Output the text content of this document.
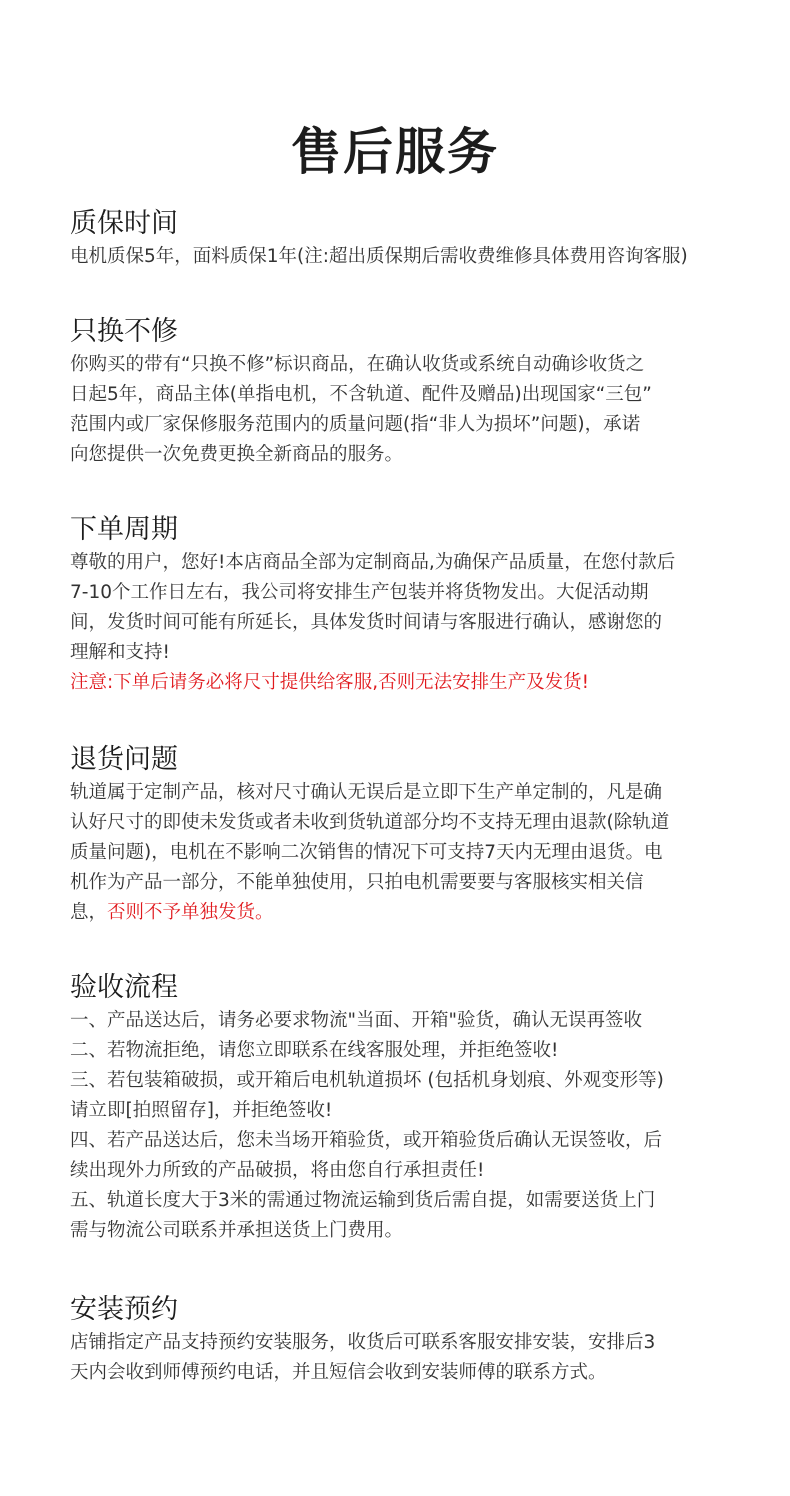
售后服务
质保时间

电机质保5年，面料质保1年(注:超出质保期后需收费维修具体费用咨询客服)

只换不修

你购买的带有“只换不修”标识商品，在确认收货或系统自动确诊收货之
日起5年，商品主体(单指电机，不含轨道、配件及赠品)出现国家“三包”
范围内或厂家保修服务范围内的质量问题(指“非人为损坏”问题)，承诺
向您提供一次免费更换全新商品的服务。

下单周期

尊敬的用户，您好!本店商品全部为定制商品,为确保产品质量，在您付款后
7-10个工作日左右，我公司将安排生产包装并将货物发出。大促活动期
间，发货时间可能有所延长，具体发货时间请与客服进行确认，感谢您的
理解和支持!
注意:下单后请务必将尺寸提供给客服,否则无法安排生产及发货!

退货问题

轨道属于定制产品，核对尺寸确认无误后是立即下生产单定制的，凡是确
认好尺寸的即使未发货或者未收到货轨道部分均不支持无理由退款(除轨道
质量问题)，电机在不影响二次销售的情况下可支持7天内无理由退货。电
机作为产品一部分，不能单独使用，只拍电机需要要与客服核实相关信
息，否则不予单独发货。

验收流程

一、产品送达后，请务必要求物流"当面、开箱"验货，确认无误再签收
二、若物流拒绝，请您立即联系在线客服处理，并拒绝签收!
三、若包装箱破损，或开箱后电机轨道损坏 (包括机身划痕、外观变形等)
请立即[拍照留存]，并拒绝签收!
四、若产品送达后，您未当场开箱验货，或开箱验货后确认无误签收，后
续出现外力所致的产品破损，将由您自行承担责任!
五、轨道长度大于3米的需通过物流运输到货后需自提，如需要送货上门
需与物流公司联系并承担送货上门费用。

安装预约

店铺指定产品支持预约安装服务，收货后可联系客服安排安装，安排后3
天内会收到师傅预约电话，并且短信会收到安装师傅的联系方式。
